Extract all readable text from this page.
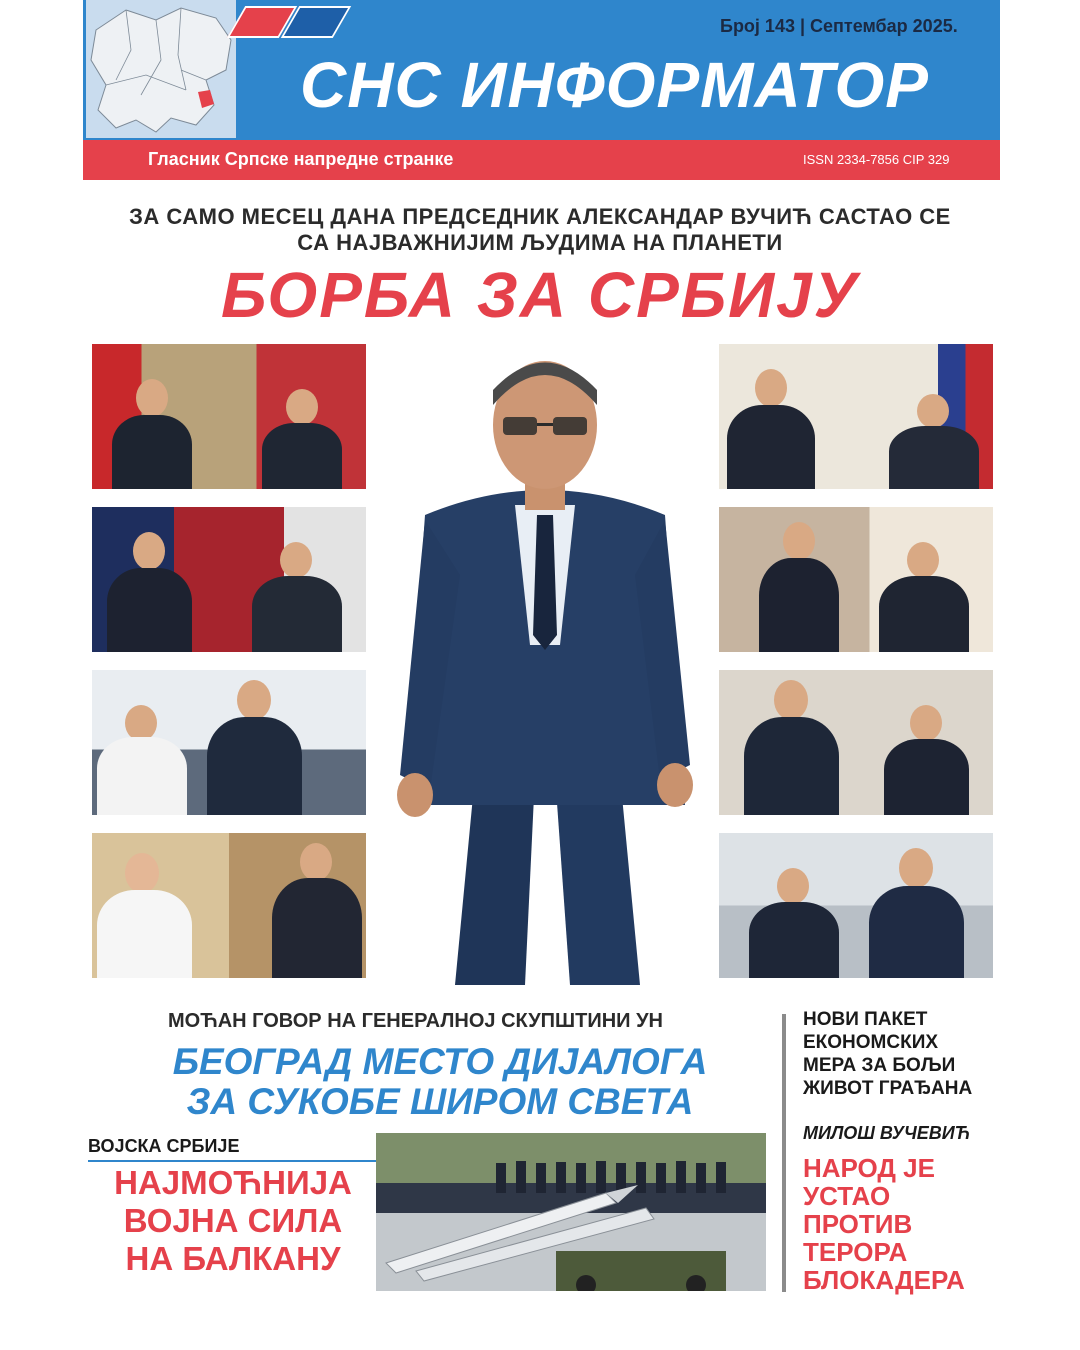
Број 143 | Септембар 2025.
СНС ИНФОРМАТОР
Гласник Српске напредне странке	ISSN 2334-7856 CIP 329
ЗА САМО МЕСЕЦ ДАНА ПРЕДСЕДНИК АЛЕКСАНДАР ВУЧИЋ САСТАО СЕ
СА НАЈВАЖНИЈИМ ЉУДИМА НА ПЛАНЕТИ
БОРБА ЗА СРБИЈУ
МОЋАН ГОВОР НА ГЕНЕРАЛНОЈ СКУПШТИНИ УН
БЕОГРАД МЕСТО ДИЈАЛОГА
ЗА СУКОБЕ ШИРОМ СВЕТА
НОВИ ПАКЕТ
ЕКОНОМСКИХ
МЕРА ЗА БОЉИ
ЖИВОТ ГРАЂАНА
МИЛОШ ВУЧЕВИЋ
НАРОД ЈЕ
УСТАО
ПРОТИВ
ТЕРОРА
БЛОКАДЕРА
ВОЈСКА СРБИЈЕ
НАЈМОЋНИЈА
ВОЈНА СИЛА
НА БАЛКАНУ
